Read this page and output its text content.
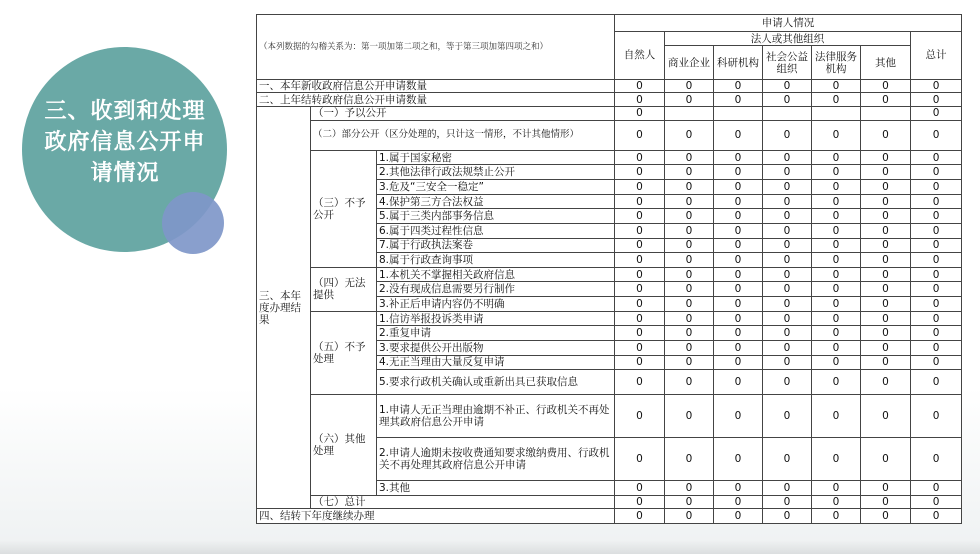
三、收到和处理政府信息公开申请情况
（本列数据的勾稽关系为：第一项加第二项之和，等于第三项加第四项之和）			申请人情况						
			自然人	法人或其他组织					总计
				商业企业	科研机构	社会公益组织	法律服务机构	其他	
一、本年新收政府信息公开申请数量			0	0	0	0	0	0	0
二、上年结转政府信息公开申请数量			0	0	0	0	0	0	0
三、本年度办理结果	（一）予以公开		0						0
	（二）部分公开（区分处理的，只计这一情形，不计其他情形）		0	0	0	0	0	0	0
	（三）不予公开	1.属于国家秘密	0	0	0	0	0	0	0
		2.其他法律行政法规禁止公开	0	0	0	0	0	0	0
		3.危及“三安全一稳定”	0	0	0	0	0	0	0
		4.保护第三方合法权益	0	0	0	0	0	0	0
		5.属于三类内部事务信息	0	0	0	0	0	0	0
		6.属于四类过程性信息	0	0	0	0	0	0	0
		7.属于行政执法案卷	0	0	0	0	0	0	0
		8.属于行政查询事项	0	0	0	0	0	0	0
	（四）无法提供	1.本机关不掌握相关政府信息	0	0	0	0	0	0	0
		2.没有现成信息需要另行制作	0	0	0	0	0	0	0
		3.补正后申请内容仍不明确	0	0	0	0	0	0	0
	（五）不予处理	1.信访举报投诉类申请	0	0	0	0	0	0	0
		2.重复申请	0	0	0	0	0	0	0
		3.要求提供公开出版物	0	0	0	0	0	0	0
		4.无正当理由大量反复申请	0	0	0	0	0	0	0
		5.要求行政机关确认或重新出具已获取信息	0	0	0	0	0	0	0
	（六）其他处理	1.申请人无正当理由逾期不补正、行政机关不再处理其政府信息公开申请	0	0	0	0	0	0	0
		2.申请人逾期未按收费通知要求缴纳费用、行政机关不再处理其政府信息公开申请	0	0	0	0	0	0	0
		3.其他	0	0	0	0	0	0	0
	（七）总计		0	0	0	0	0	0	0
四、结转下年度继续办理			0	0	0	0	0	0	0
